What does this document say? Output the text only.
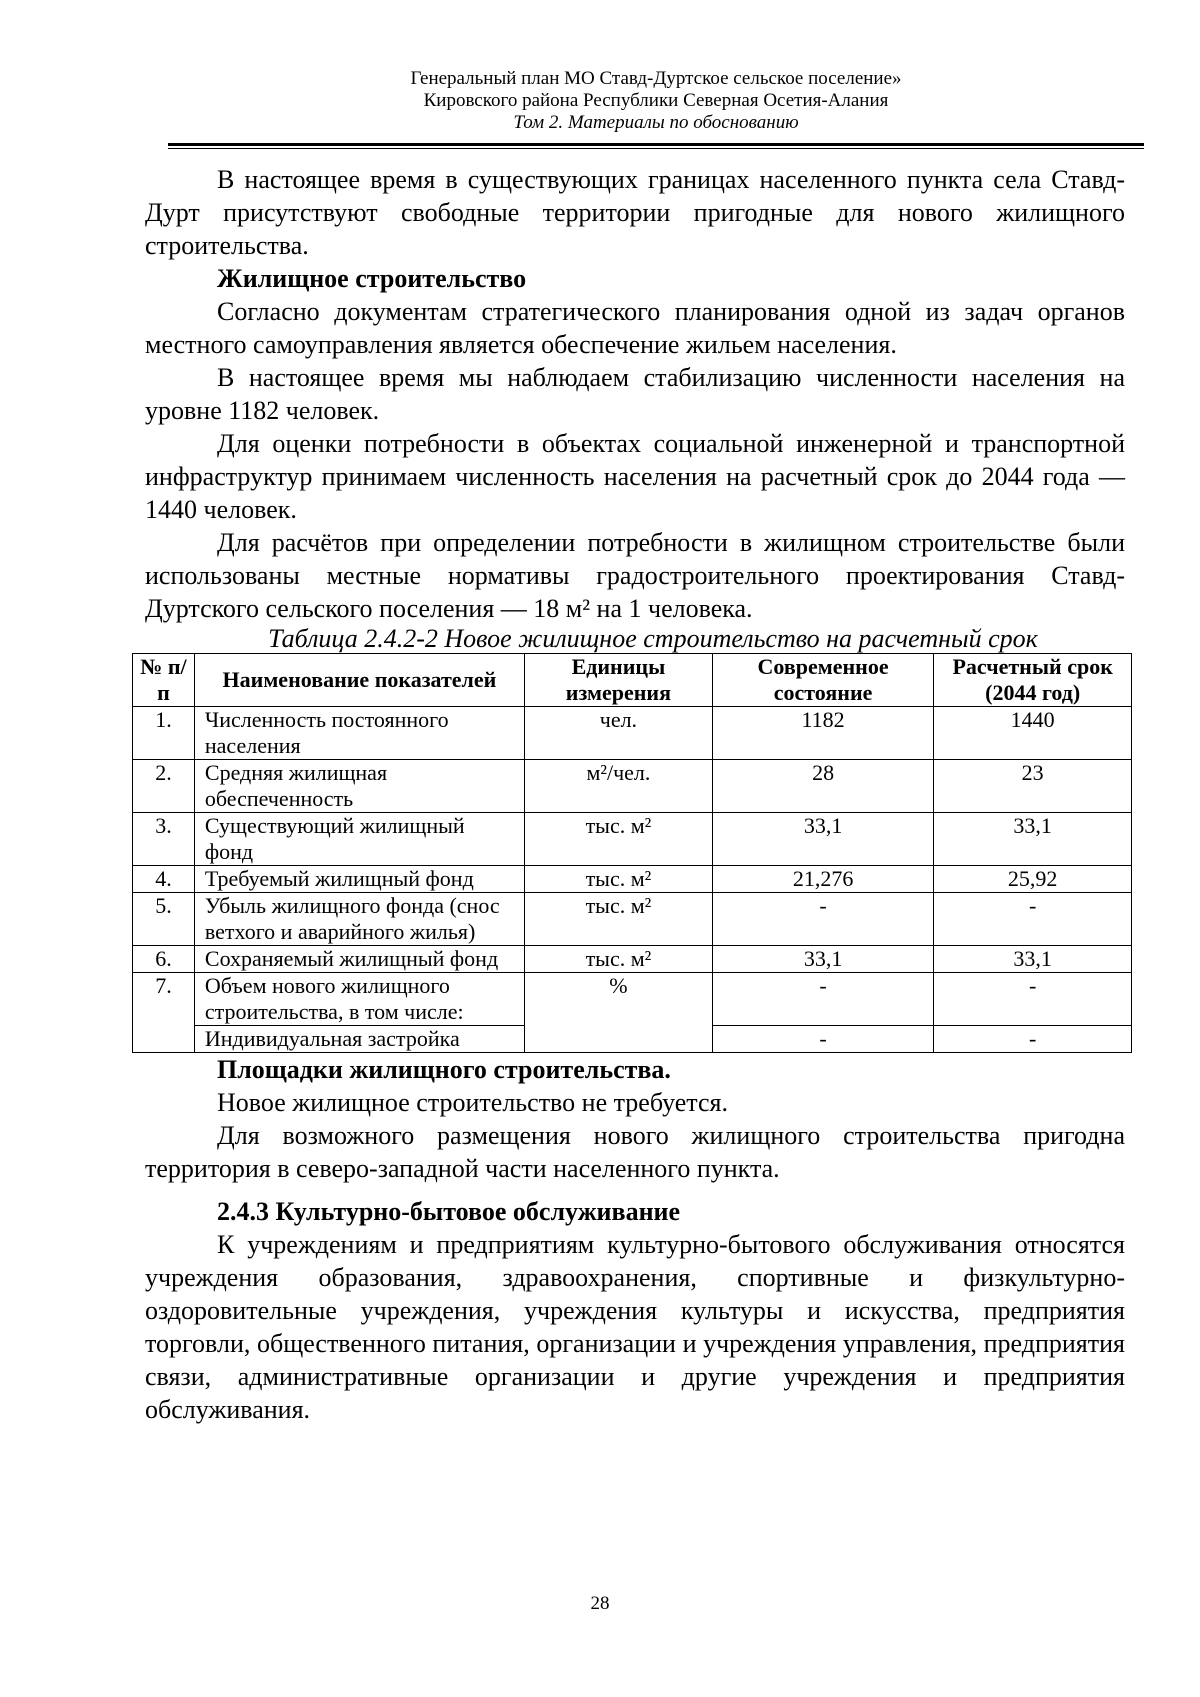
Генеральный план МО Ставд-Дуртское сельское поселение»
Кировского района Республики Северная Осетия-Алания
Том 2. Материалы по обоснованию

В настоящее время в существующих границах населенного пункта села Ставд-Дурт присутствуют свободные территории пригодные для нового жилищного строительства.

Жилищное строительство

Согласно документам стратегического планирования одной из задач органов местного самоуправления является обеспечение жильем населения.

В настоящее время мы наблюдаем стабилизацию численности населения на уровне 1182 человек.

Для оценки потребности в объектах социальной инженерной и транспортной инфраструктур принимаем численность населения на расчетный срок до 2044 года — 1440 человек.

Для расчётов при определении потребности в жилищном строительстве были использованы местные нормативы градостроительного проектирования Ставд-Дуртского сельского поселения — 18 м² на 1 человека.

Таблица 2.4.2-2 Новое жилищное строительство на расчетный срок
№ п/п	Наименование показателей	Единицы измерения	Современное состояние	Расчетный срок (2044 год)
1.	Численность постоянного населения	чел.	1182	1440
2.	Средняя жилищная обеспеченность	м²/чел.	28	23
3.	Существующий жилищный фонд	тыс. м²	33,1	33,1
4.	Требуемый жилищный фонд	тыс. м²	21,276	25,92
5.	Убыль жилищного фонда (снос ветхого и аварийного жилья)	тыс. м²	-	-
6.	Сохраняемый жилищный фонд	тыс. м²	33,1	33,1
7.	Объем нового жилищного строительства, в том числе:	%	-	-
	Индивидуальная застройка		-	-

Площадки жилищного строительства.

Новое жилищное строительство не требуется.

Для возможного размещения нового жилищного строительства пригодна территория в северо-западной части населенного пункта.

2.4.3 Культурно-бытовое обслуживание

К учреждениям и предприятиям культурно-бытового обслуживания относятся учреждения образования, здравоохранения, спортивные и физкультурно-оздоровительные учреждения, учреждения культуры и искусства, предприятия торговли, общественного питания, организации и учреждения управления, предприятия связи, административные организации и другие учреждения и предприятия обслуживания.

28
